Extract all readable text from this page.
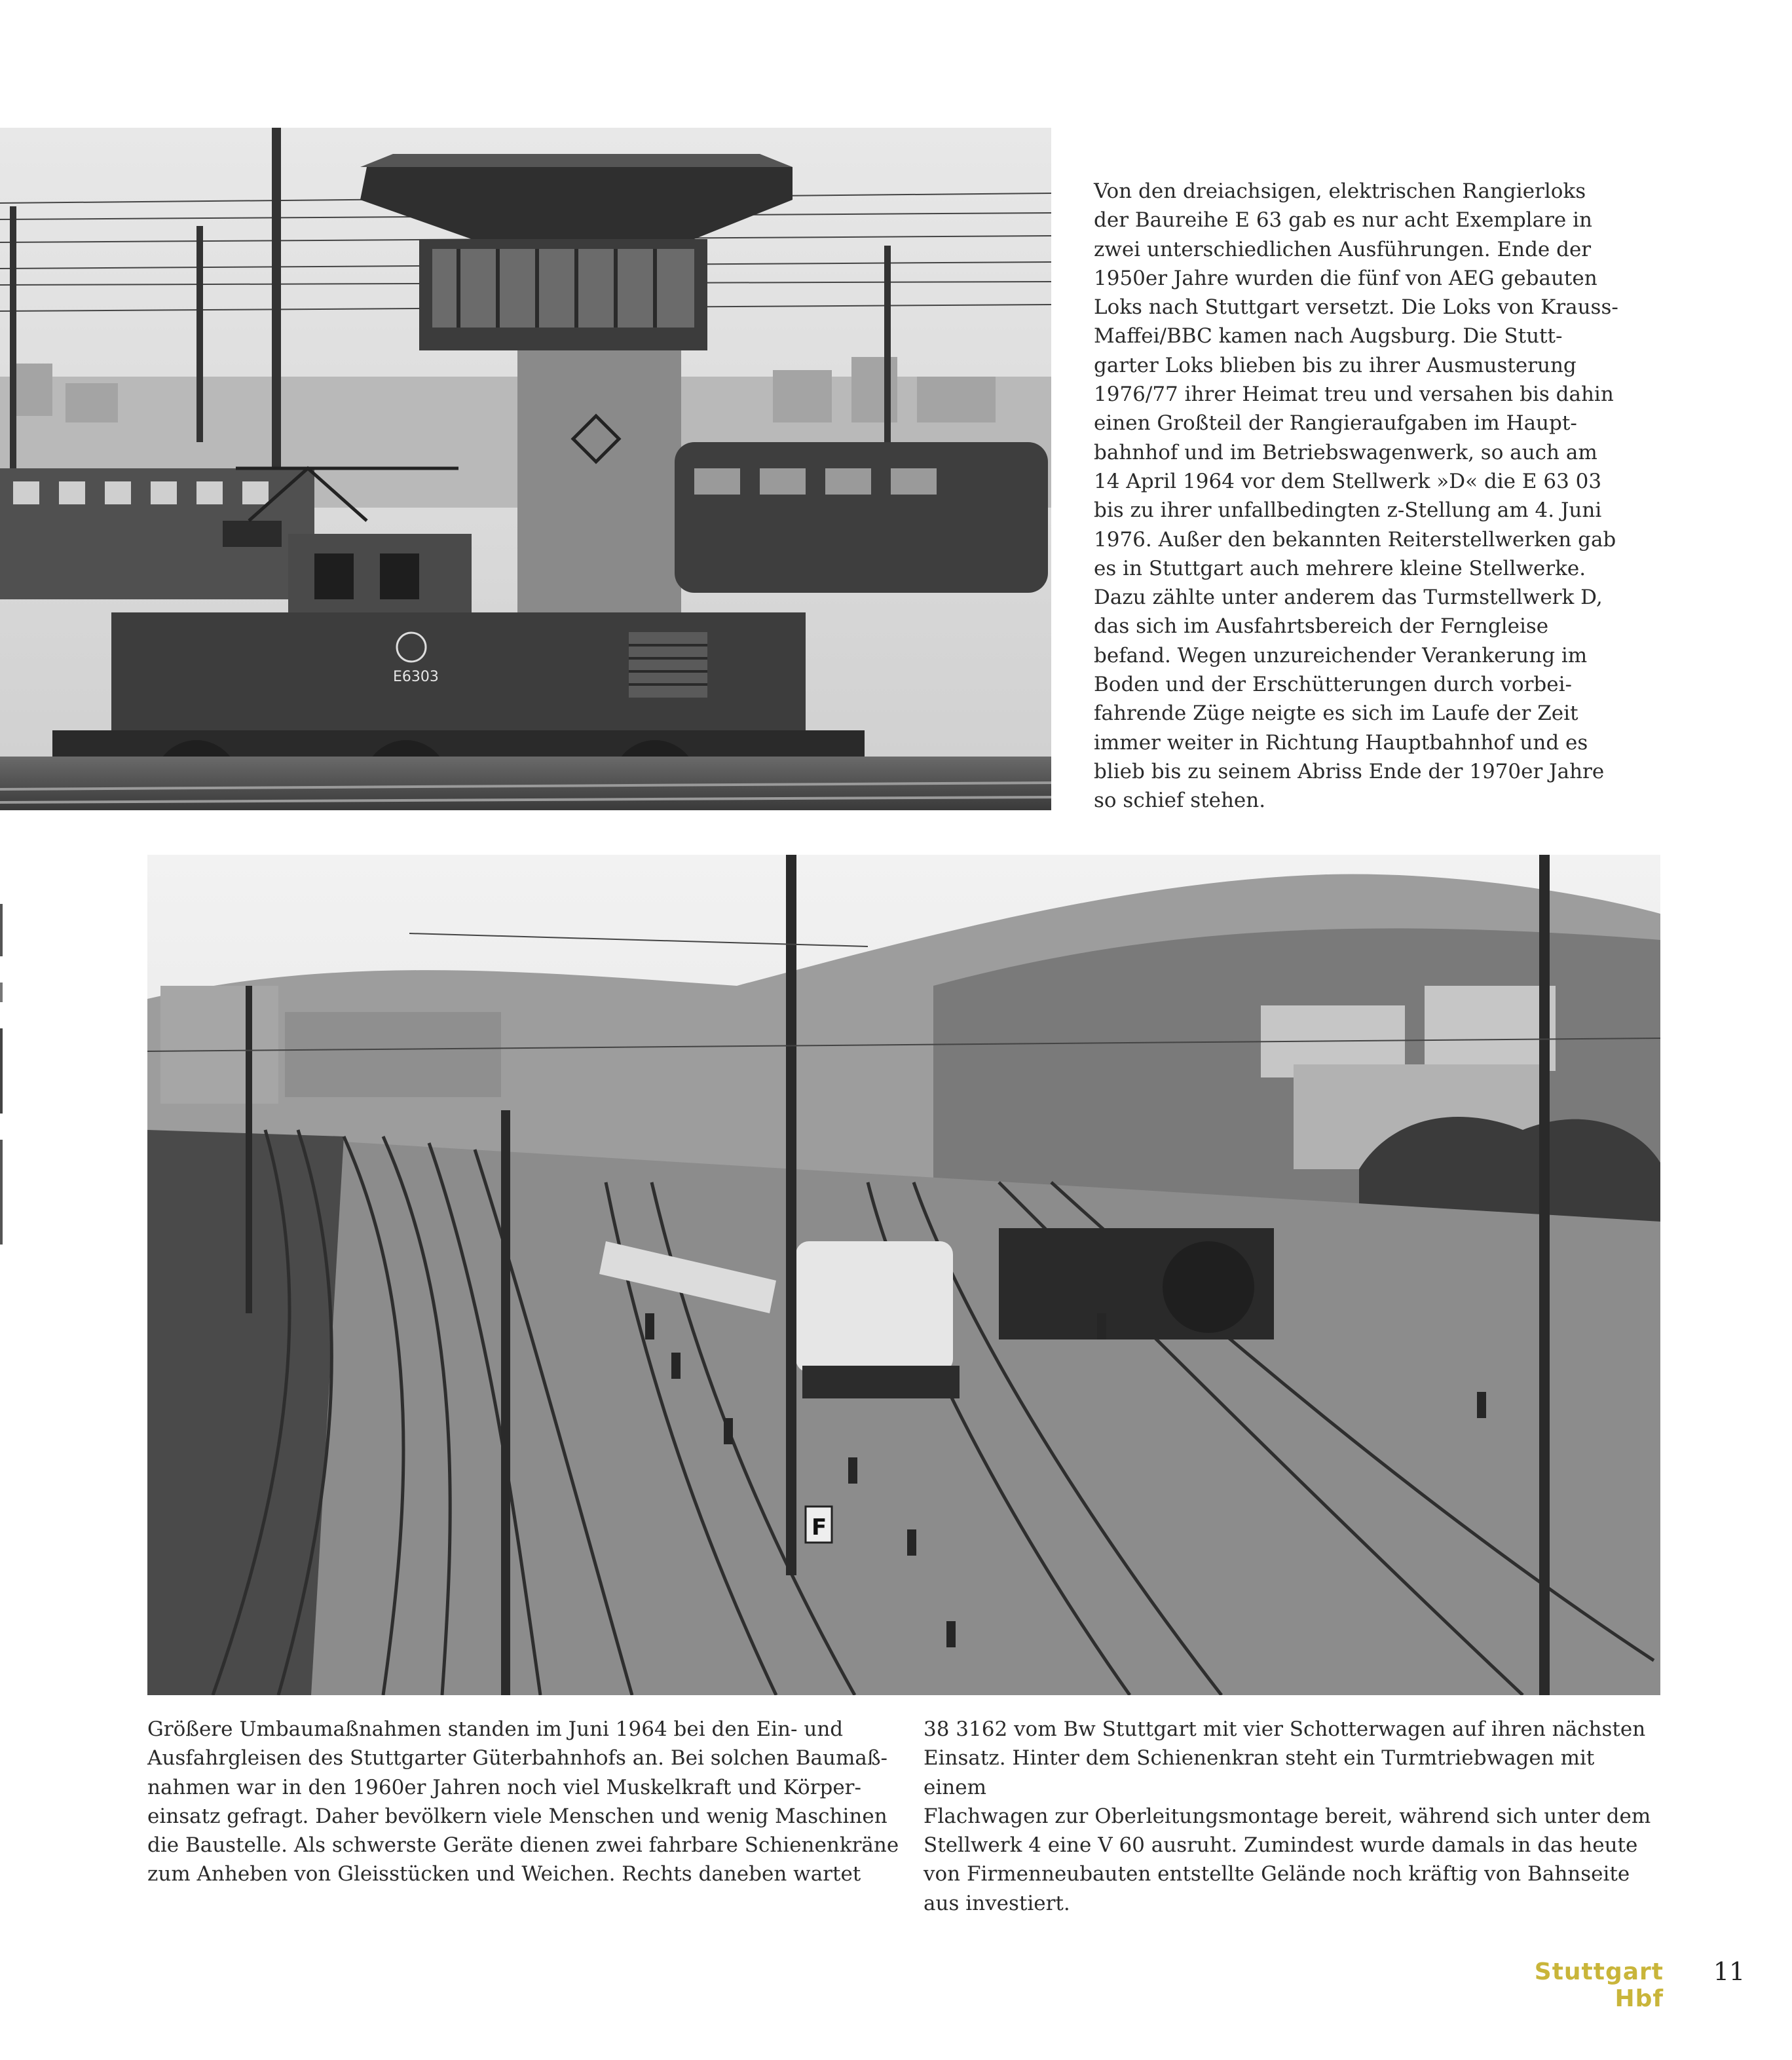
E6303

Von den dreiachsigen, elektrischen Rangierloks
der Baureihe E 63 gab es nur acht Exemplare in
zwei unterschiedlichen Ausführungen. Ende der
1950er Jahre wurden die fünf von AEG gebauten
Loks nach Stuttgart versetzt. Die Loks von Krauss-
Maffei/BBC kamen nach Augsburg. Die Stutt-
garter Loks blieben bis zu ihrer Ausmusterung
1976/77 ihrer Heimat treu und versahen bis dahin
einen Großteil der Rangieraufgaben im Haupt-
bahnhof und im Betriebswagenwerk, so auch am
14 April 1964 vor dem Stellwerk »D« die E 63 03
bis zu ihrer unfallbedingten z-Stellung am 4. Juni
1976. Außer den bekannten Reiterstellwerken gab
es in Stuttgart auch mehrere kleine Stellwerke.
Dazu zählte unter anderem das Turmstellwerk D,
das sich im Ausfahrtsbereich der Ferngleise
befand. Wegen unzureichender Verankerung im
Boden und der Erschütterungen durch vorbei-
fahrende Züge neigte es sich im Laufe der Zeit
immer weiter in Richtung Hauptbahnhof und es
blieb bis zu seinem Abriss Ende der 1970er Jahre
so schief stehen.

F

Größere Umbaumaßnahmen standen im Juni 1964 bei den Ein- und
Ausfahrgleisen des Stuttgarter Güterbahnhofs an. Bei solchen Baumaß-
nahmen war in den 1960er Jahren noch viel Muskelkraft und Körper-
einsatz gefragt. Daher bevölkern viele Menschen und wenig Maschinen
die Baustelle. Als schwerste Geräte dienen zwei fahrbare Schienenkräne
zum Anheben von Gleisstücken und Weichen. Rechts daneben wartet

38 3162 vom Bw Stuttgart mit vier Schotterwagen auf ihren nächsten
Einsatz. Hinter dem Schienenkran steht ein Turmtriebwagen mit einem
Flachwagen zur Oberleitungsmontage bereit, während sich unter dem
Stellwerk 4 eine V 60 ausruht. Zumindest wurde damals in das heute
von Firmenneubauten entstellte Gelände noch kräftig von Bahnseite
aus investiert.

Stuttgart Hbf
11
